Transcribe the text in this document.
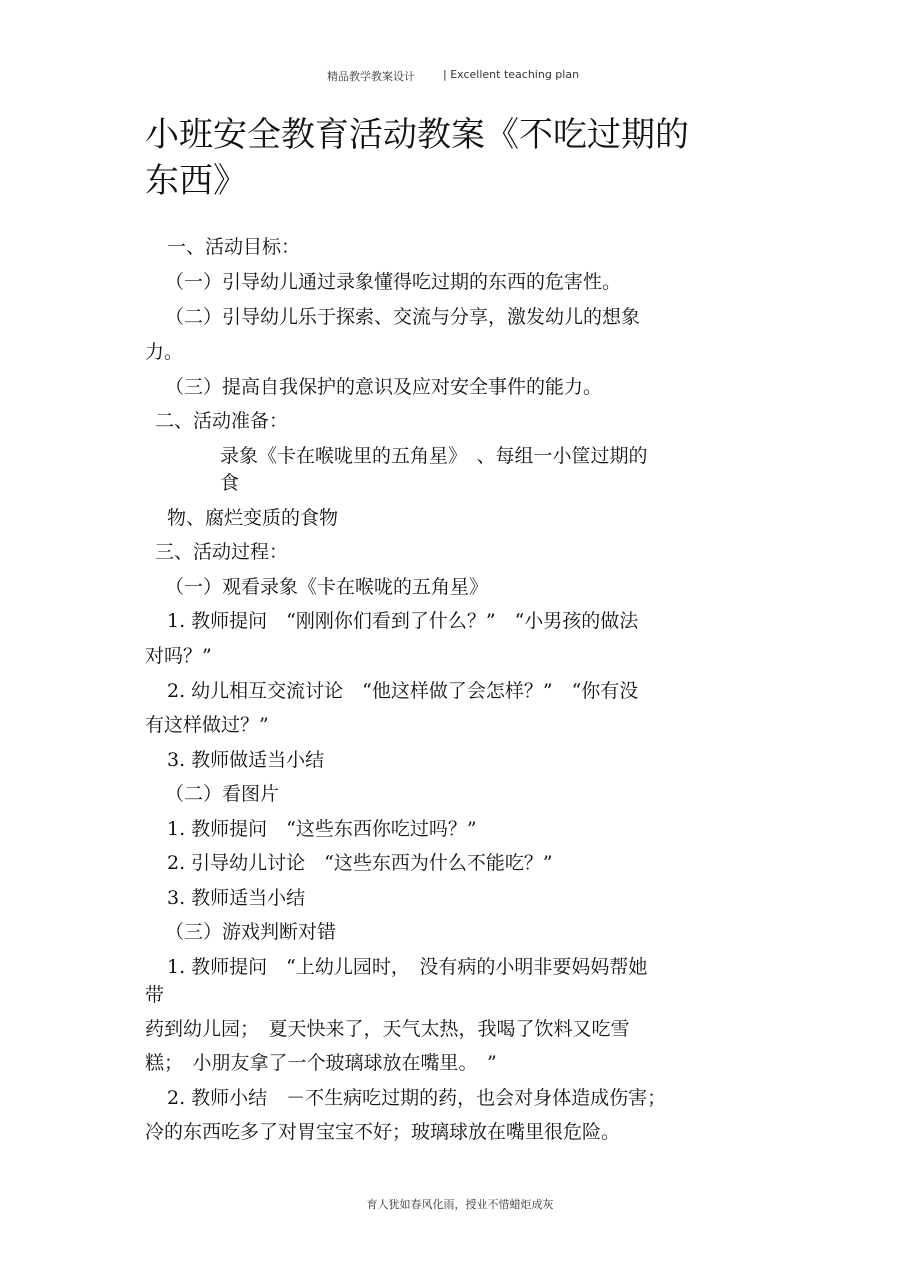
精品教学教案设计	| Excellent teaching plan
小班安全教育活动教案《不吃过期的
东西》
一、活动目标：
（一）引导幼儿通过录象懂得吃过期的东西的危害性。
（二）引导幼儿乐于探索、交流与分享，激发幼儿的想象
力。
（三）提高自我保护的意识及应对安全事件的能力。
二、活动准备：
录象《卡在喉咙里的五角星》　、每组一小筐过期的
食
物、腐烂变质的食物
三、活动过程：
（一）观看录象《卡在喉咙的五角星》
1. 教师提问　“刚刚你们看到了什么？”　“小男孩的做法
对吗？”
2. 幼儿相互交流讨论　“他这样做了会怎样？”　“你有没
有这样做过？”
3. 教师做适当小结
（二）看图片
1. 教师提问　“这些东西你吃过吗？”
2. 引导幼儿讨论　“这些东西为什么不能吃？”
3. 教师适当小结
（三）游戏判断对错
1. 教师提问　“上幼儿园时，　没有病的小明非要妈妈帮她
带
药到幼儿园；　夏天快来了，天气太热，我喝了饮料又吃雪
糕；　小朋友拿了一个玻璃球放在嘴里。　”
2. 教师小结　－不生病吃过期的药，也会对身体造成伤害；
冷的东西吃多了对胃宝宝不好；玻璃球放在嘴里很危险。
育人犹如春风化雨，授业不惜蜡炬成灰
